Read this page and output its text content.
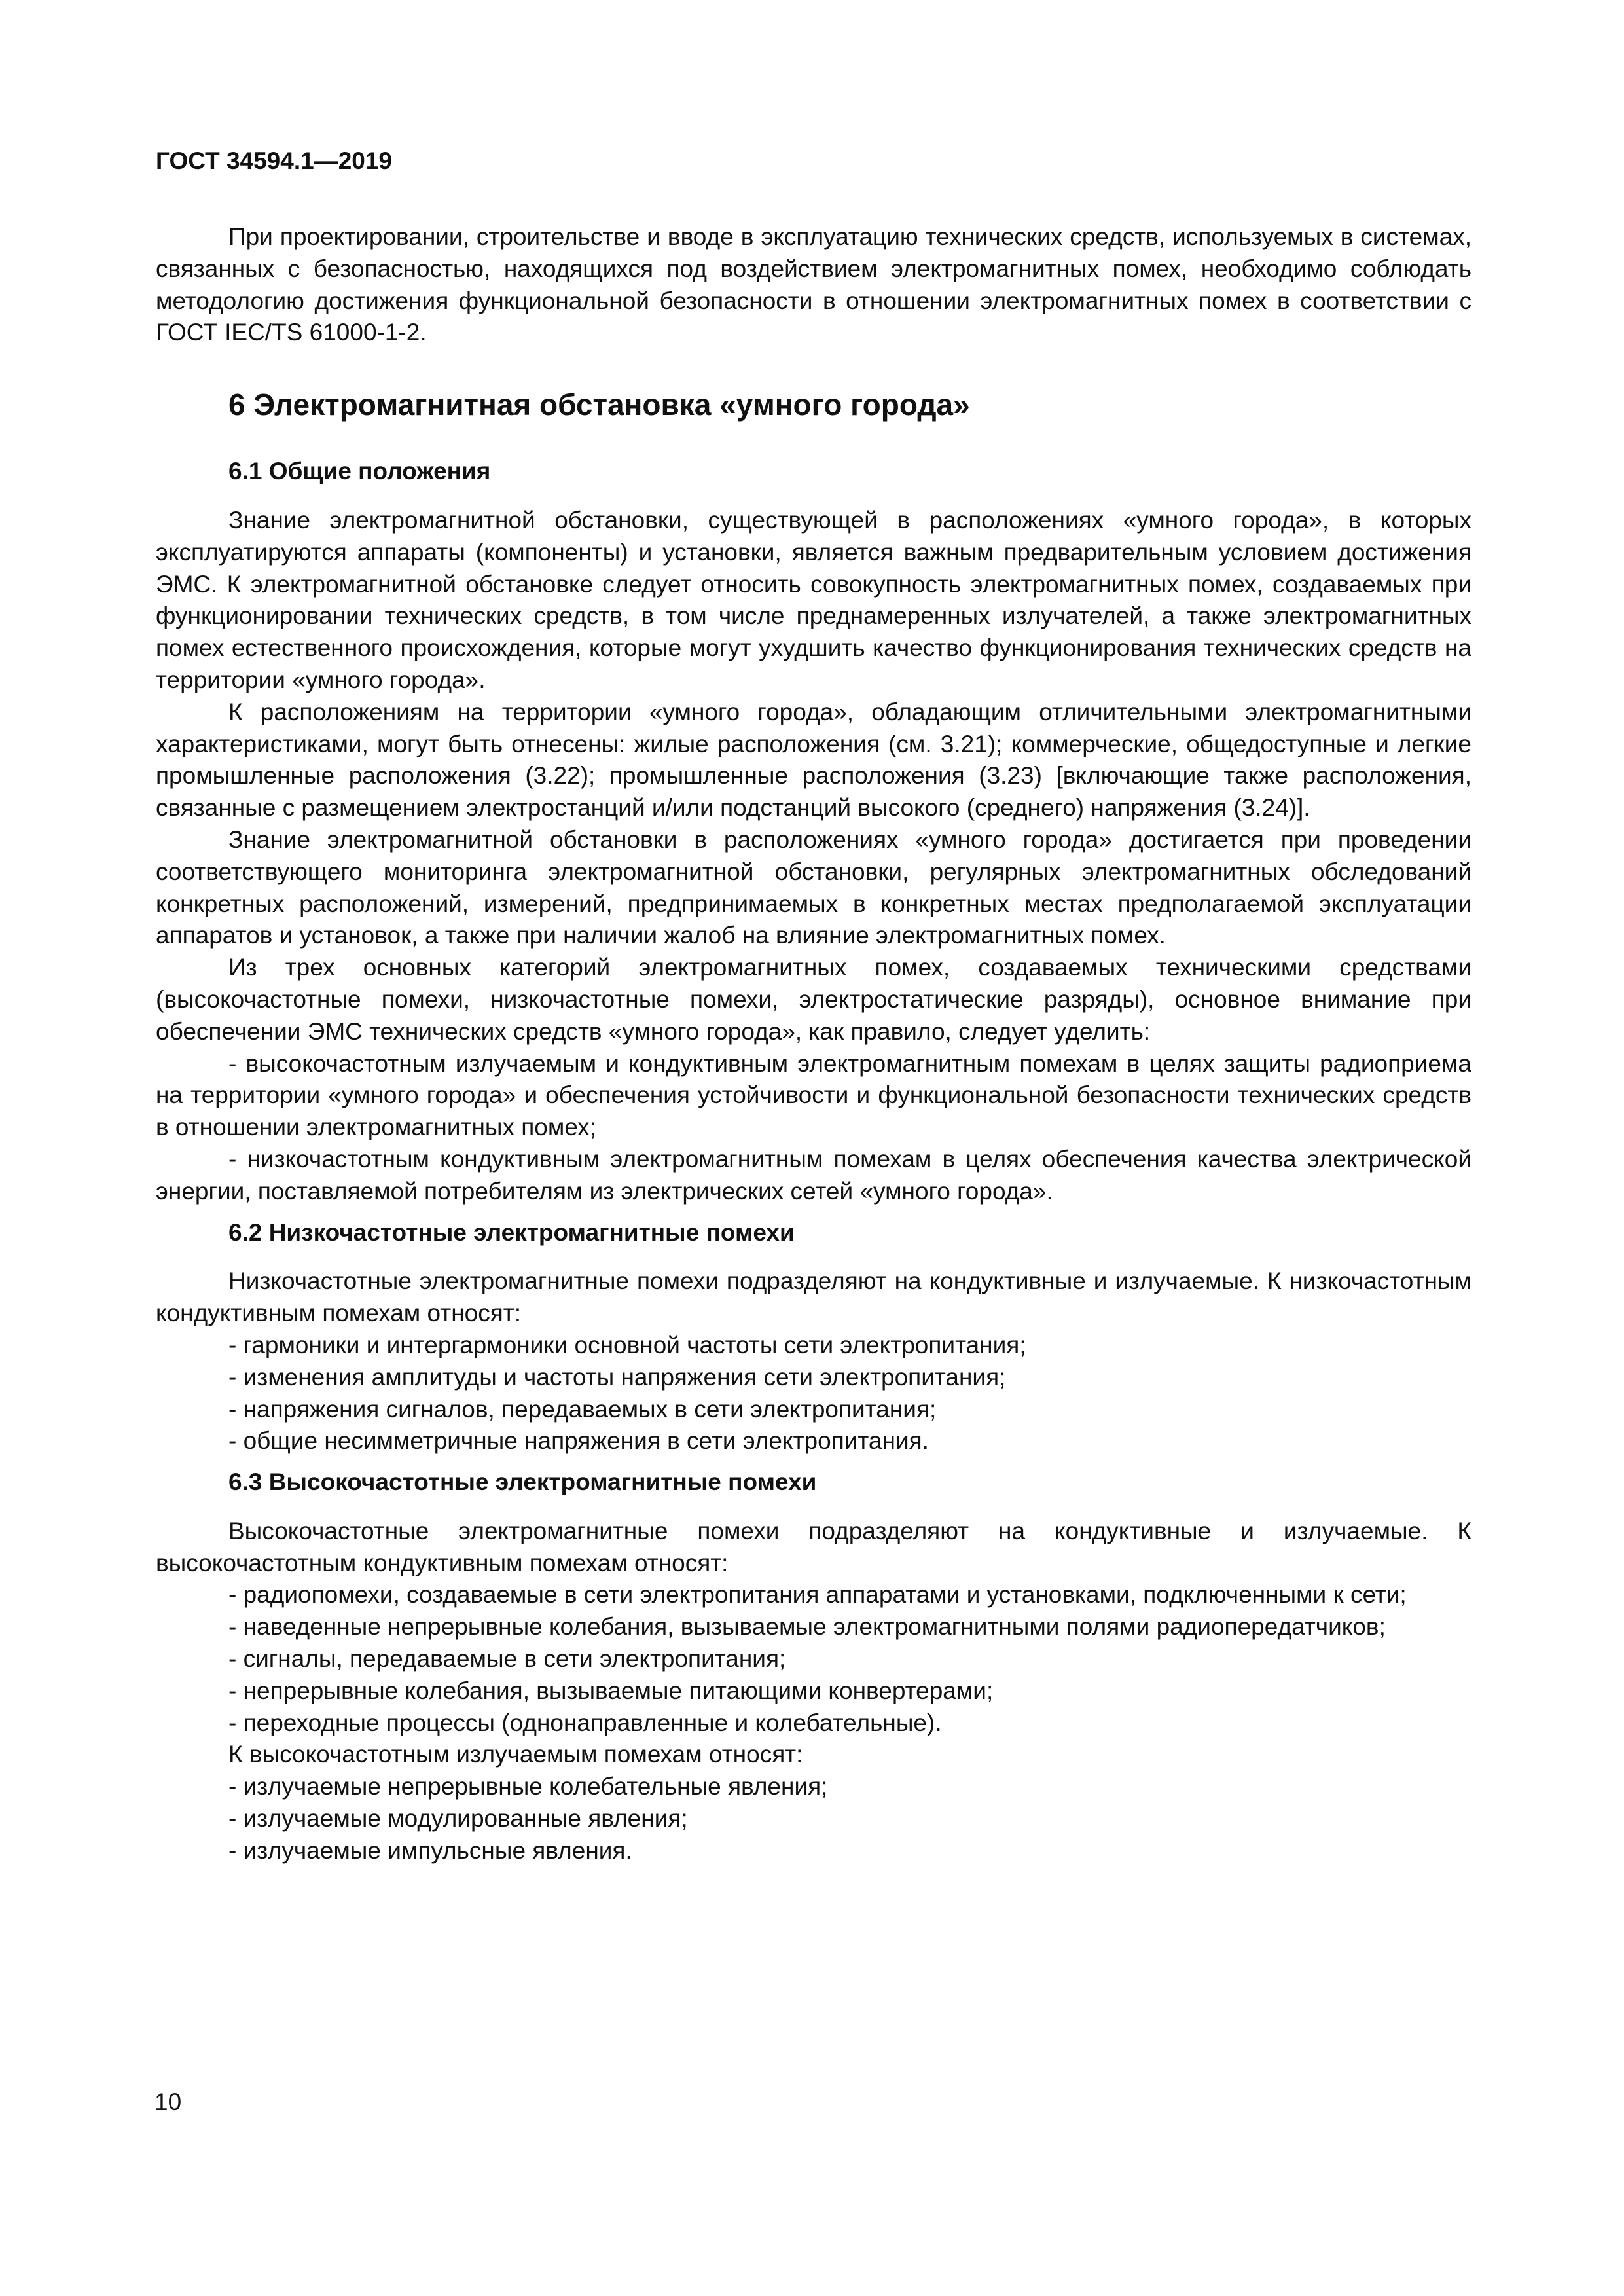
ГОСТ 34594.1—2019

При проектировании, строительстве и вводе в эксплуатацию технических средств, используемых в системах, связанных с безопасностью, находящихся под воздействием электромагнитных помех, необходимо соблюдать методологию достижения функциональной безопасности в отношении электромагнитных помех в соответствии с ГОСТ IEC/TS 61000-1-2.

6 Электромагнитная обстановка «умного города»
6.1 Общие положения

Знание электромагнитной обстановки, существующей в расположениях «умного города», в которых эксплуатируются аппараты (компоненты) и установки, является важным предварительным условием достижения ЭМС. К электромагнитной обстановке следует относить совокупность электромагнитных помех, создаваемых при функционировании технических средств, в том числе преднамеренных излучателей, а также электромагнитных помех естественного происхождения, которые могут ухудшить качество функционирования технических средств на территории «умного города».

К расположениям на территории «умного города», обладающим отличительными электромагнитными характеристиками, могут быть отнесены: жилые расположения (см. 3.21); коммерческие, общедоступные и легкие промышленные расположения (3.22); промышленные расположения (3.23) [включающие также расположения, связанные с размещением электростанций и/или подстанций высокого (среднего) напряжения (3.24)].

Знание электромагнитной обстановки в расположениях «умного города» достигается при проведении соответствующего мониторинга электромагнитной обстановки, регулярных электромагнитных обследований конкретных расположений, измерений, предпринимаемых в конкретных местах предполагаемой эксплуатации аппаратов и установок, а также при наличии жалоб на влияние электромагнитных помех.

Из трех основных категорий электромагнитных помех, создаваемых техническими средствами (высокочастотные помехи, низкочастотные помехи, электростатические разряды), основное внимание при обеспечении ЭМС технических средств «умного города», как правило, следует уделить:

- высокочастотным излучаемым и кондуктивным электромагнитным помехам в целях защиты радиоприема на территории «умного города» и обеспечения устойчивости и функциональной безопасности технических средств в отношении электромагнитных помех;

- низкочастотным кондуктивным электромагнитным помехам в целях обеспечения качества электрической энергии, поставляемой потребителям из электрических сетей «умного города».

6.2 Низкочастотные электромагнитные помехи

Низкочастотные электромагнитные помехи подразделяют на кондуктивные и излучаемые. К низкочастотным кондуктивным помехам относят:

- гармоники и интергармоники основной частоты сети электропитания;

- изменения амплитуды и частоты напряжения сети электропитания;

- напряжения сигналов, передаваемых в сети электропитания;

- общие несимметричные напряжения в сети электропитания.

6.3 Высокочастотные электромагнитные помехи

Высокочастотные электромагнитные помехи подразделяют на кондуктивные и излучаемые. К высокочастотным кондуктивным помехам относят:

- радиопомехи, создаваемые в сети электропитания аппаратами и установками, подключенными к сети;

- наведенные непрерывные колебания, вызываемые электромагнитными полями радиопередатчиков;

- сигналы, передаваемые в сети электропитания;

- непрерывные колебания, вызываемые питающими конвертерами;

- переходные процессы (однонаправленные и колебательные).

К высокочастотным излучаемым помехам относят:

- излучаемые непрерывные колебательные явления;

- излучаемые модулированные явления;

- излучаемые импульсные явления.

10
